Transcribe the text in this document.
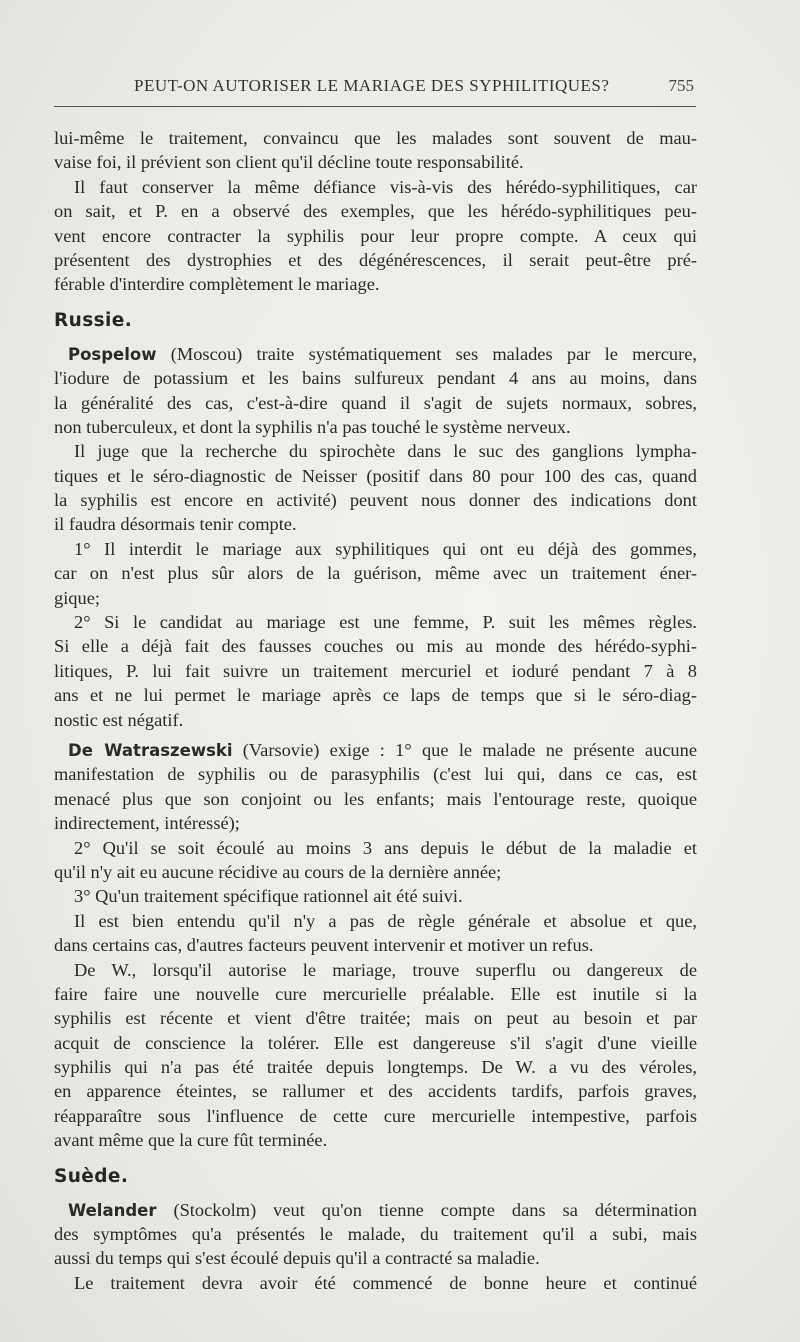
PEUT-ON AUTORISER LE MARIAGE DES SYPHILITIQUES?	755
lui-même le traitement, convaincu que les malades sont souvent de mau-
vaise foi, il prévient son client qu'il décline toute responsabilité.
Il faut conserver la même défiance vis-à-vis des hérédo-syphilitiques, car
on sait, et P. en a observé des exemples, que les hérédo-syphilitiques peu-
vent encore contracter la syphilis pour leur propre compte. A ceux qui
présentent des dystrophies et des dégénérescences, il serait peut-être pré-
férable d'interdire complètement le mariage.
Russie.
Pospelow (Moscou) traite systématiquement ses malades par le mercure,
l'iodure de potassium et les bains sulfureux pendant 4 ans au moins, dans
la généralité des cas, c'est-à-dire quand il s'agit de sujets normaux, sobres,
non tuberculeux, et dont la syphilis n'a pas touché le système nerveux.
Il juge que la recherche du spirochète dans le suc des ganglions lympha-
tiques et le séro-diagnostic de Neisser (positif dans 80 pour 100 des cas, quand
la syphilis est encore en activité) peuvent nous donner des indications dont
il faudra désormais tenir compte.
1° Il interdit le mariage aux syphilitiques qui ont eu déjà des gommes,
car on n'est plus sûr alors de la guérison, même avec un traitement éner-
gique;
2° Si le candidat au mariage est une femme, P. suit les mêmes règles.
Si elle a déjà fait des fausses couches ou mis au monde des hérédo-syphi-
litiques, P. lui fait suivre un traitement mercuriel et ioduré pendant 7 à 8
ans et ne lui permet le mariage après ce laps de temps que si le séro-diag-
nostic est négatif.
De Watraszewski (Varsovie) exige : 1° que le malade ne présente aucune
manifestation de syphilis ou de parasyphilis (c'est lui qui, dans ce cas, est
menacé plus que son conjoint ou les enfants; mais l'entourage reste, quoique
indirectement, intéressé);
2° Qu'il se soit écoulé au moins 3 ans depuis le début de la maladie et
qu'il n'y ait eu aucune récidive au cours de la dernière année;
3° Qu'un traitement spécifique rationnel ait été suivi.
Il est bien entendu qu'il n'y a pas de règle générale et absolue et que,
dans certains cas, d'autres facteurs peuvent intervenir et motiver un refus.
De W., lorsqu'il autorise le mariage, trouve superflu ou dangereux de
faire faire une nouvelle cure mercurielle préalable. Elle est inutile si la
syphilis est récente et vient d'être traitée; mais on peut au besoin et par
acquit de conscience la tolérer. Elle est dangereuse s'il s'agit d'une vieille
syphilis qui n'a pas été traitée depuis longtemps. De W. a vu des véroles,
en apparence éteintes, se rallumer et des accidents tardifs, parfois graves,
réapparaître sous l'influence de cette cure mercurielle intempestive, parfois
avant même que la cure fût terminée.
Suède.
Welander (Stockolm) veut qu'on tienne compte dans sa détermination
des symptômes qu'a présentés le malade, du traitement qu'il a subi, mais
aussi du temps qui s'est écoulé depuis qu'il a contracté sa maladie.
Le traitement devra avoir été commencé de bonne heure et continué
